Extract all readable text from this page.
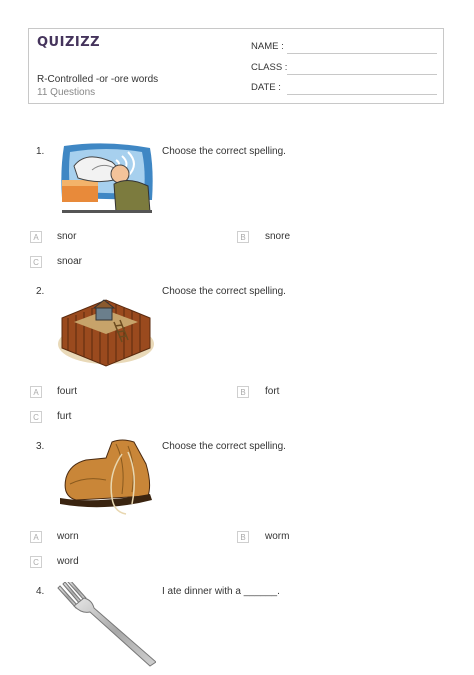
QUIZIZZ
R-Controlled -or -ore words
11 Questions
NAME :
CLASS :
DATE :
1.	Choose the correct spelling.
A	snor	B	snore
C	snoar
2.	Choose the correct spelling.
A	fourt	B	fort
C	furt
3.	Choose the correct spelling.
A	worn	B	worm
C	word
4.	I ate dinner with a ______.
